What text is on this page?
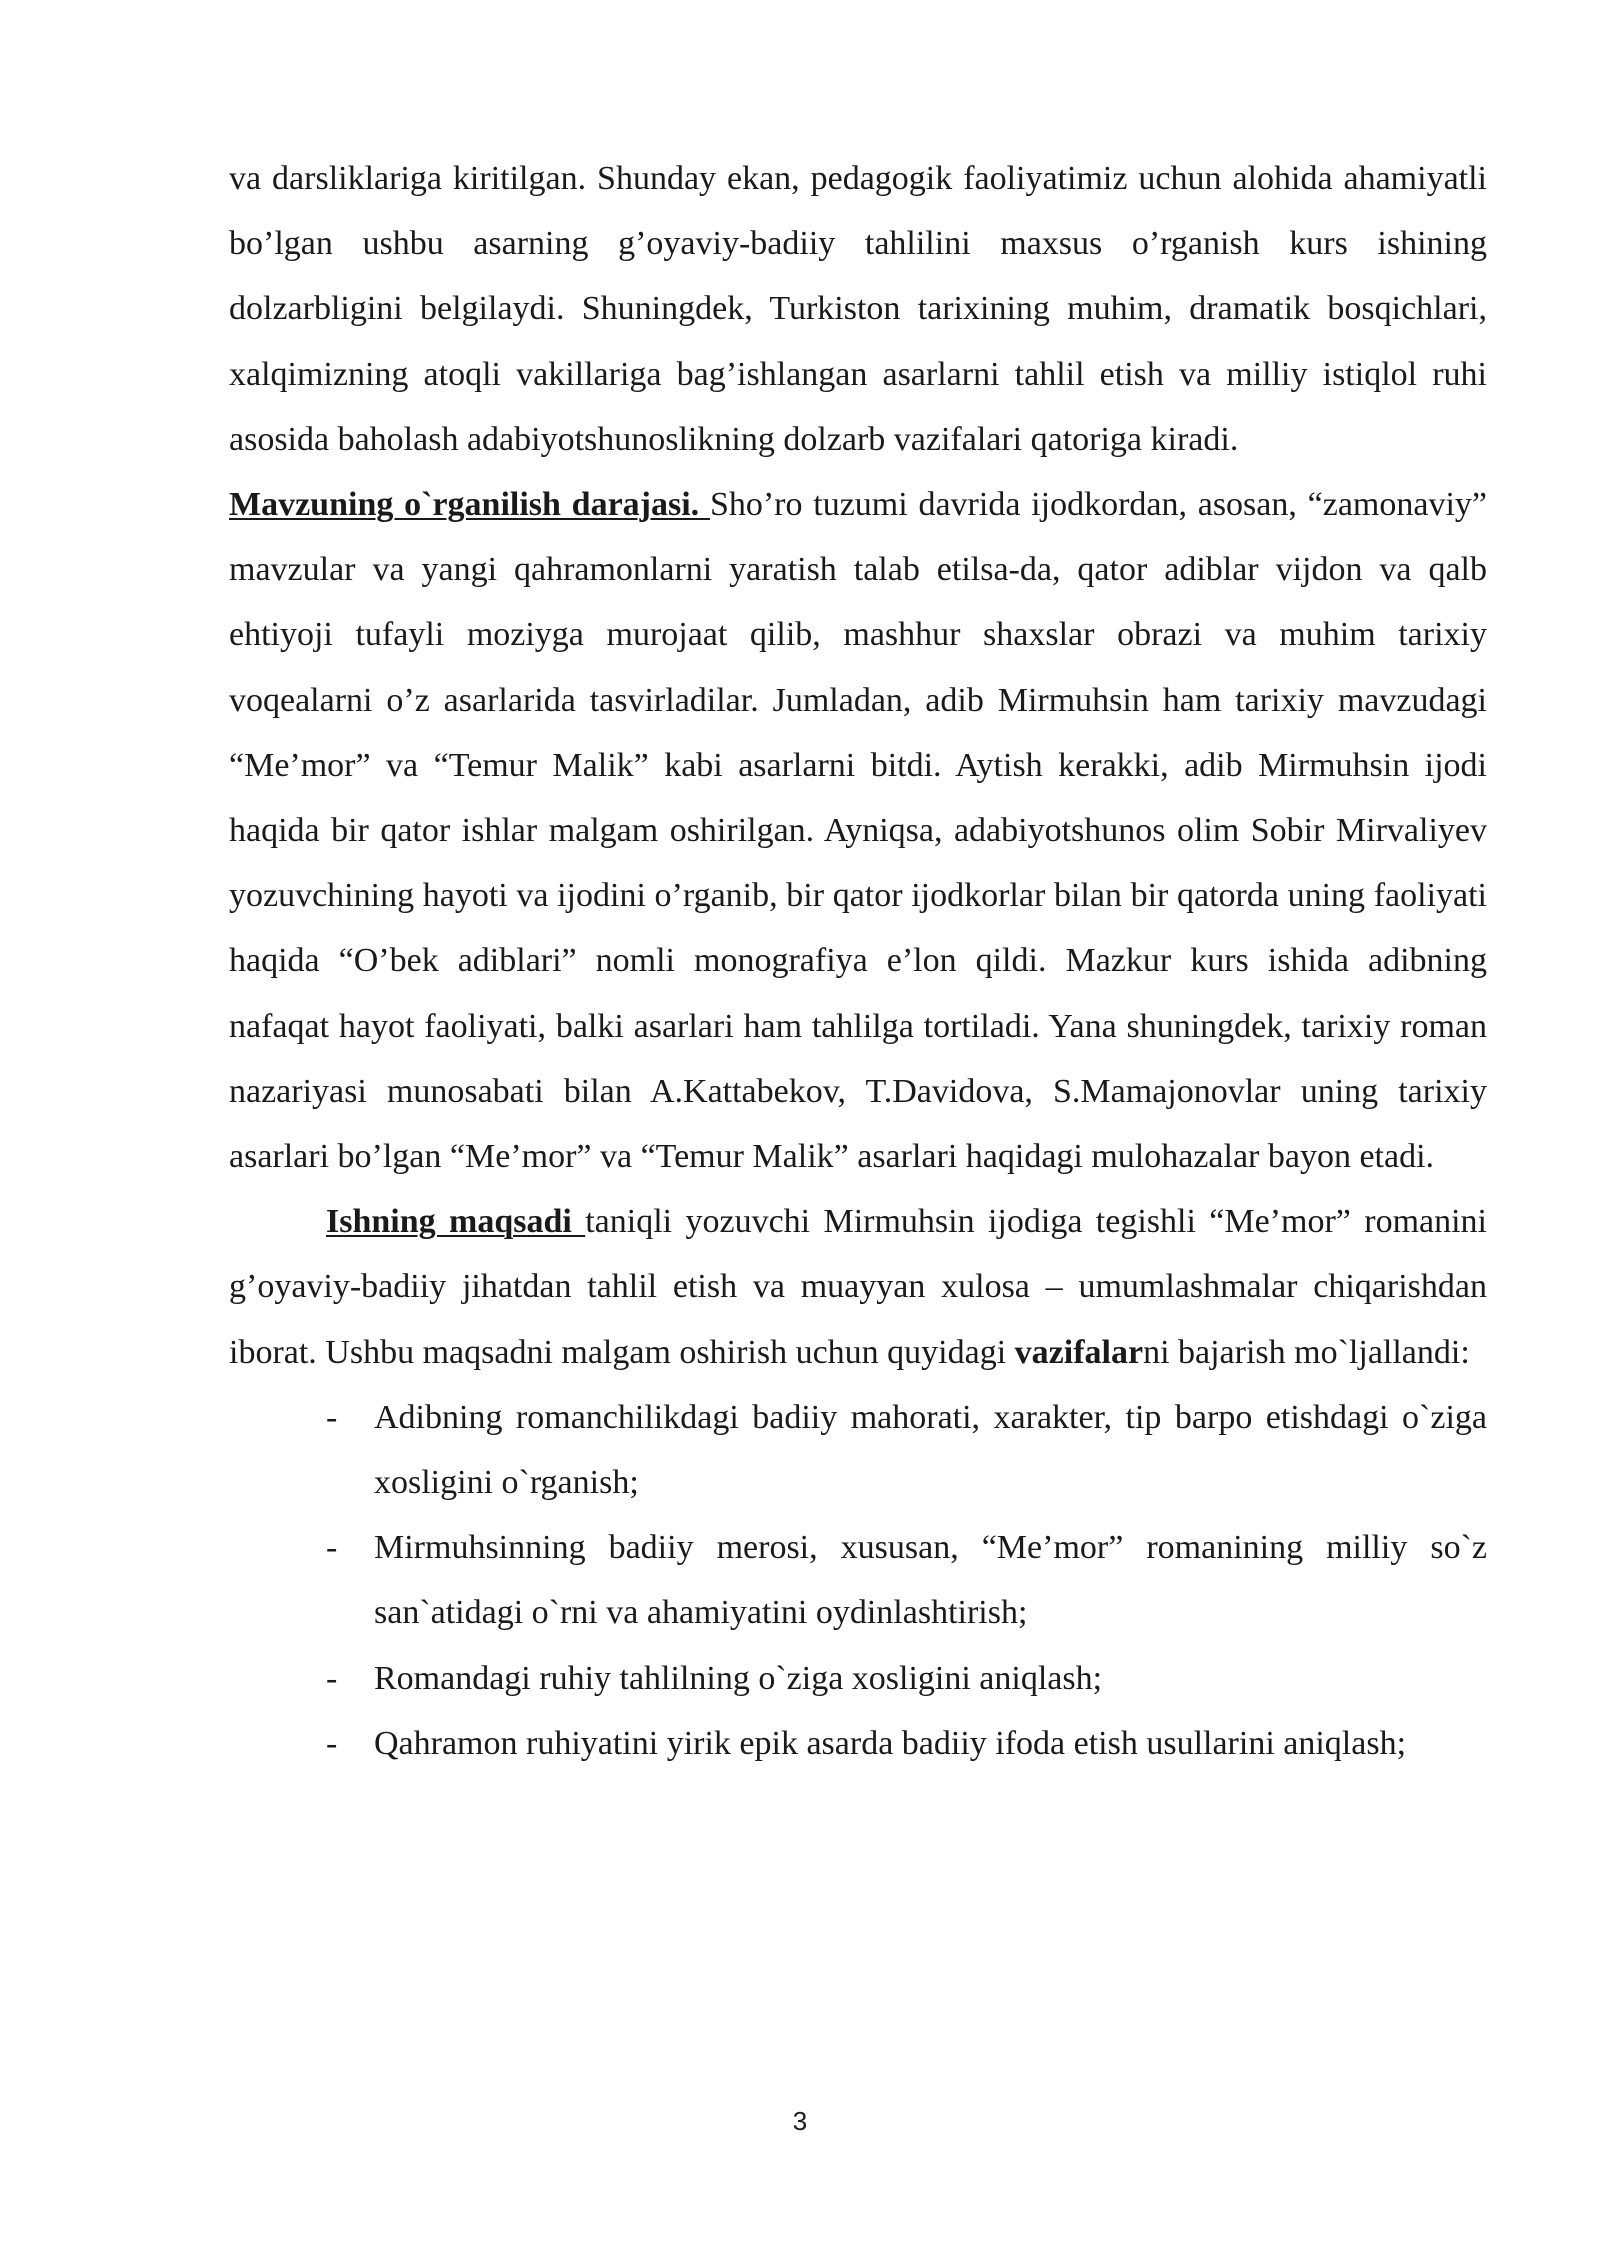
va darsliklariga kiritilgan. Shunday ekan, pedagogik faoliyatimiz uchun alohida ahamiyatli bo’lgan ushbu asarning g’oyaviy-badiiy tahlilini maxsus o’rganish kurs ishining dolzarbligini belgilaydi. Shuningdek, Turkiston tarixining muhim, dramatik bosqichlari, xalqimizning atoqli vakillariga bag’ishlangan asarlarni tahlil etish va milliy istiqlol ruhi asosida baholash adabiyotshunoslikning dolzarb vazifalari qatoriga kiradi.

Mavzuning o`rganilish darajasi. Sho’ro tuzumi davrida ijodkordan, asosan, “zamonaviy” mavzular va yangi qahramonlarni yaratish talab etilsa-da, qator adiblar vijdon va qalb ehtiyoji tufayli moziyga murojaat qilib, mashhur shaxslar obrazi va muhim tarixiy voqealarni o’z asarlarida tasvirladilar. Jumladan, adib Mirmuhsin ham tarixiy mavzudagi “Me’mor” va “Temur Malik” kabi asarlarni bitdi. Aytish kerakki, adib Mirmuhsin ijodi haqida bir qator ishlar malgam oshirilgan. Ayniqsa, adabiyotshunos olim Sobir Mirvaliyev yozuvchining hayoti va ijodini o’rganib, bir qator ijodkorlar bilan bir qatorda uning faoliyati haqida “O’bek adiblari” nomli monografiya e’lon qildi. Mazkur kurs ishida adibning nafaqat hayot faoliyati, balki asarlari ham tahlilga tortiladi. Yana shuningdek, tarixiy roman nazariyasi munosabati bilan A.Kattabekov, T.Davidova, S.Mamajonovlar uning tarixiy asarlari bo’lgan “Me’mor” va “Temur Malik” asarlari haqidagi mulohazalar bayon etadi.

Ishning maqsadi taniqli yozuvchi Mirmuhsin ijodiga tegishli “Me’mor” romanini g’oyaviy-badiiy jihatdan tahlil etish va muayyan xulosa – umumlashmalar chiqarishdan iborat. Ushbu maqsadni malgam oshirish uchun quyidagi vazifalarni bajarish mo`ljallandi:

- Adibning romanchilikdagi badiiy mahorati, xarakter, tip barpo etishdagi o`ziga xosligini o`rganish;
- Mirmuhsinning badiiy merosi, xususan, “Me’mor” romanining milliy so`z san`atidagi o`rni va ahamiyatini oydinlashtirish;
- Romandagi ruhiy tahlilning o`ziga xosligini aniqlash;
- Qahramon ruhiyatini yirik epik asarda badiiy ifoda etish usullarini aniqlash;
3
